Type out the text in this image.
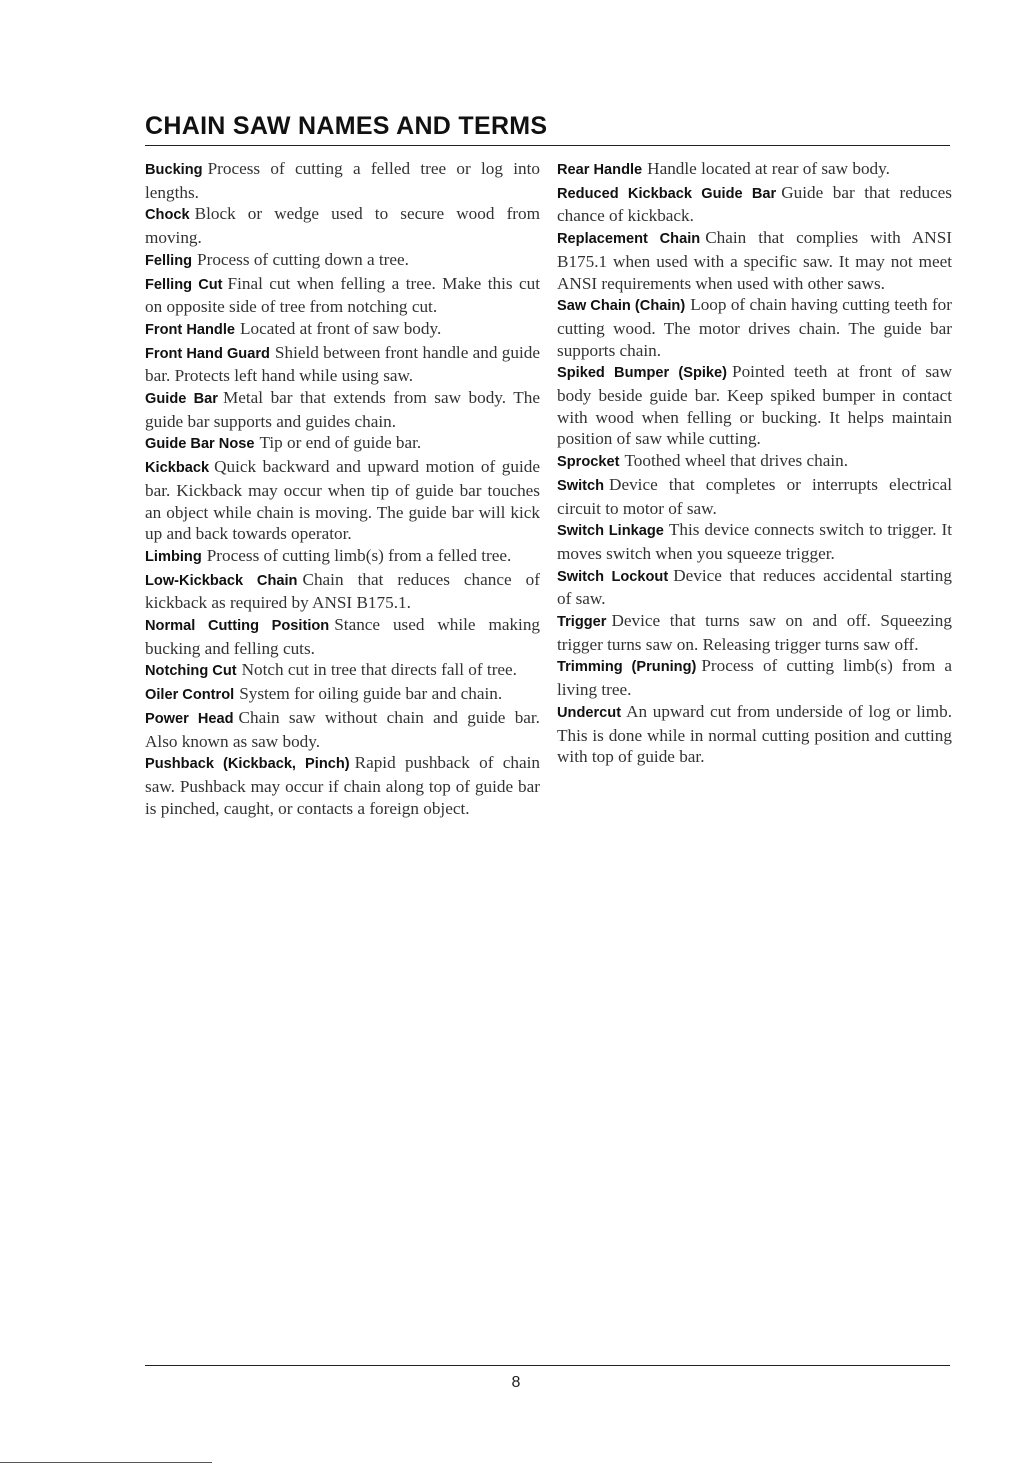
CHAIN SAW NAMES AND TERMS

Bucking Process of cutting a felled tree or log into lengths.

Chock Block or wedge used to secure wood from moving.

Felling Process of cutting down a tree.

Felling Cut Final cut when felling a tree. Make this cut on opposite side of tree from notching cut.

Front Handle Located at front of saw body.

Front Hand Guard Shield between front handle and guide bar. Protects left hand while using saw.

Guide Bar Metal bar that extends from saw body. The guide bar supports and guides chain.

Guide Bar Nose Tip or end of guide bar.

Kickback Quick backward and upward motion of guide bar. Kickback may occur when tip of guide bar touches an object while chain is moving. The guide bar will kick up and back towards operator.

Limbing Process of cutting limb(s) from a felled tree.

Low-Kickback Chain Chain that reduces chance of kickback as required by ANSI B175.1.

Normal Cutting Position Stance used while making bucking and felling cuts.

Notching Cut Notch cut in tree that directs fall of tree.

Oiler Control System for oiling guide bar and chain.

Power Head Chain saw without chain and guide bar. Also known as saw body.

Pushback (Kickback, Pinch) Rapid pushback of chain saw. Pushback may occur if chain along top of guide bar is pinched, caught, or contacts a foreign object.

Rear Handle Handle located at rear of saw body.

Reduced Kickback Guide Bar Guide bar that reduces chance of kickback.

Replacement Chain Chain that complies with ANSI B175.1 when used with a specific saw. It may not meet ANSI requirements when used with other saws.

Saw Chain (Chain) Loop of chain having cutting teeth for cutting wood. The motor drives chain. The guide bar supports chain.

Spiked Bumper (Spike) Pointed teeth at front of saw body beside guide bar. Keep spiked bumper in contact with wood when felling or bucking. It helps maintain position of saw while cutting.

Sprocket Toothed wheel that drives chain.

Switch Device that completes or interrupts electrical circuit to motor of saw.

Switch Linkage This device connects switch to trigger. It moves switch when you squeeze trigger.

Switch Lockout Device that reduces accidental starting of saw.

Trigger Device that turns saw on and off. Squeezing trigger turns saw on. Releasing trigger turns saw off.

Trimming (Pruning) Process of cutting limb(s) from a living tree.

Undercut An upward cut from underside of log or limb. This is done while in normal cutting position and cutting with top of guide bar.

8
